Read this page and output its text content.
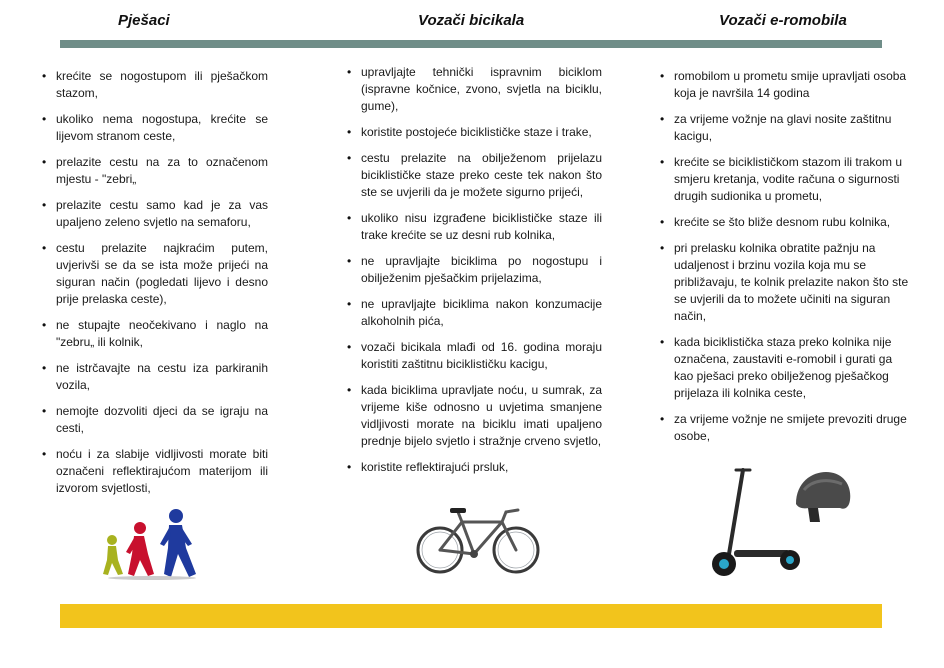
Pješaci	Vozači bicikala	Vozači e-romobila
• krećite se nogostupom ili pješačkom stazom,
• ukoliko nema nogostupa, krećite se lijevom stranom ceste,
• prelazite cestu na za to označenom mjestu - "zebri„
• prelazite cestu samo kad je za vas upaljeno zeleno svjetlo na semaforu,
• cestu prelazite najkraćim putem, uvjerivši se da se ista može prijeći na siguran način (pogledati lijevo i desno prije prelaska ceste),
• ne stupajte neočekivano i naglo na "zebru„ ili kolnik,
• ne istrčavajte na cestu iza parkiranih vozila,
• nemojte dozvoliti djeci da se igraju na cesti,
• noću i za slabije vidljivosti morate biti označeni reflektirajućom materijom ili izvorom svjetlosti,
• upravljajte tehnički ispravnim biciklom (ispravne kočnice, zvono, svjetla na biciklu, gume),
• koristite postojeće biciklističke staze i trake,
• cestu prelazite na obilježenom prijelazu biciklističke staze preko ceste tek nakon što ste se uvjerili da je možete sigurno prijeći,
• ukoliko nisu izgrađene biciklističke staze ili trake krećite se uz desni rub kolnika,
• ne upravljajte biciklima po nogostupu i obilježenim pješačkim prijelazima,
• ne upravljajte biciklima nakon konzumacije alkoholnih pića,
• vozači bicikala mlađi od 16. godina moraju koristiti zaštitnu biciklističku kacigu,
• kada biciklima upravljate noću, u sumrak, za vrijeme kiše odnosno u uvjetima smanjene vidljivosti morate na biciklu imati upaljeno prednje bijelo svjetlo i stražnje crveno svjetlo,
• koristite reflektirajući prsluk,
• romobilom u prometu smije upravljati osoba koja je navršila 14 godina
• za vrijeme vožnje na glavi nosite zaštitnu kacigu,
• krećite se biciklističkom stazom ili trakom u smjeru kretanja, vodite računa o sigurnosti drugih sudionika u prometu,
• krećite se što bliže desnom rubu kolnika,
• pri prelasku kolnika obratite pažnju na udaljenost i brzinu vozila koja mu se približavaju, te kolnik prelazite nakon što ste se uvjerili da to možete učiniti na siguran način,
• kada biciklistička staza preko kolnika nije označena, zaustaviti e-romobil i gurati ga kao pješaci preko obilježenog pješačkog prijelaza ili kolnika ceste,
• za vrijeme vožnje ne smijete prevoziti druge osobe,
